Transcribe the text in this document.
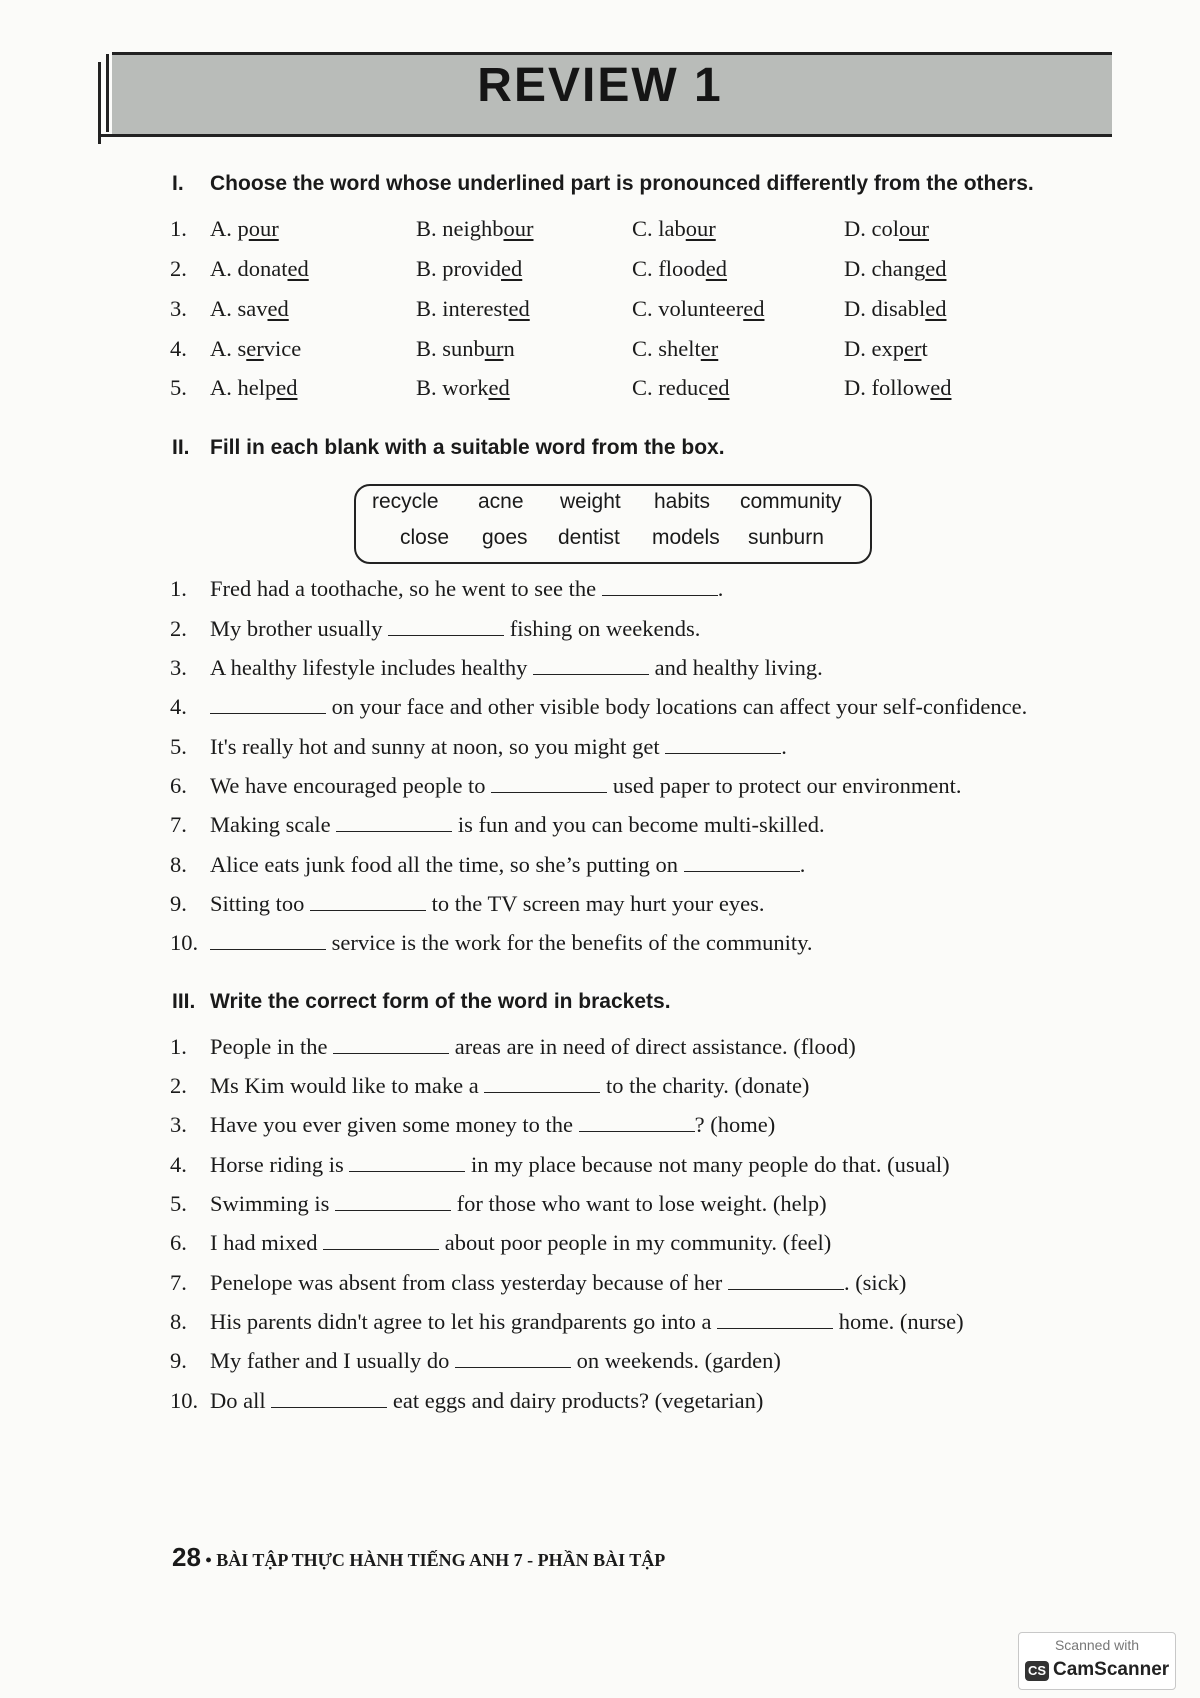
REVIEW 1
I. Choose the word whose underlined part is pronounced differently from the others.
1. A. pour	B. neighbour	C. labour	D. colour
2. A. donated	B. provided	C. flooded	D. changed
3. A. saved	B. interested	C. volunteered	D. disabled
4. A. service	B. sunburn	C. shelter	D. expert
5. A. helped	B. worked	C. reduced	D. followed
II. Fill in each blank with a suitable word from the box.
recycle acne weight habits community
close goes dentist models sunburn
1. Fred had a toothache, so he went to see the	.
2. My brother usually	fishing on weekends.
3. A healthy lifestyle includes healthy	and healthy living.
4.	on your face and other visible body locations can affect your self-confidence.
5. It's really hot and sunny at noon, so you might get	.
6. We have encouraged people to	used paper to protect our environment.
7. Making scale	is fun and you can become multi-skilled.
8. Alice eats junk food all the time, so she’s putting on	.
9. Sitting too	to the TV screen may hurt your eyes.
10.	service is the work for the benefits of the community.
III. Write the correct form of the word in brackets.
1. People in the	areas are in need of direct assistance. (flood)
2. Ms Kim would like to make a	to the charity. (donate)
3. Have you ever given some money to the	? (home)
4. Horse riding is	in my place because not many people do that. (usual)
5. Swimming is	for those who want to lose weight. (help)
6. I had mixed	about poor people in my community. (feel)
7. Penelope was absent from class yesterday because of her	. (sick)
8. His parents didn't agree to let his grandparents go into a	home. (nurse)
9. My father and I usually do	on weekends. (garden)
10. Do all	eat eggs and dairy products? (vegetarian)
28 • BÀI TẬP THỰC HÀNH TIẾNG ANH 7 - PHẦN BÀI TẬP
Scanned with
CS CamScanner
